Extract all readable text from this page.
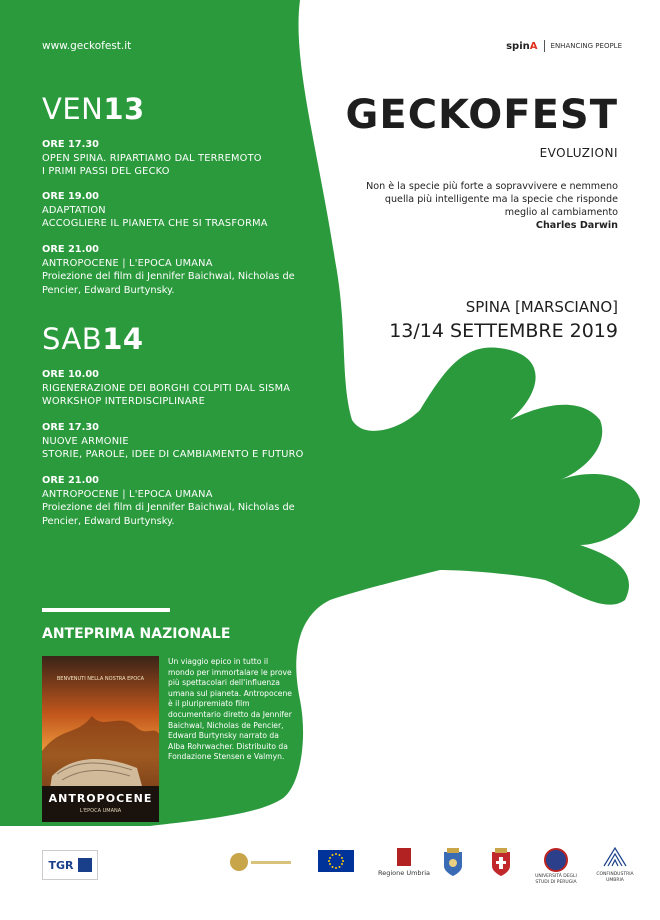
www.geckofest.it	spinA ENHANCING PEOPLE
VEN13
ORE 17.30
OPEN SPINA. RIPARTIAMO DAL TERREMOTO
I PRIMI PASSI DEL GECKO
ORE 19.00
ADAPTATION
ACCOGLIERE IL PIANETA CHE SI TRASFORMA
ORE 21.00
ANTROPOCENE | L'EPOCA UMANA
Proiezione del film di Jennifer Baichwal, Nicholas de Pencier, Edward Burtynsky.
SAB14
ORE 10.00
RIGENERAZIONE DEI BORGHI COLPITI DAL SISMA
WORKSHOP INTERDISCIPLINARE
ORE 17.30
NUOVE ARMONIE
STORIE, PAROLE, IDEE DI CAMBIAMENTO E FUTURO
ORE 21.00
ANTROPOCENE | L'EPOCA UMANA
Proiezione del film di Jennifer Baichwal, Nicholas de Pencier, Edward Burtynsky.
GECKOFEST
EVOLUZIONI
Non è la specie più forte a sopravvivere e nemmeno quella più intelligente ma la specie che risponde meglio al cambiamento
Charles Darwin
SPINA [MARSCIANO]
13/14 SETTEMBRE 2019
ANTEPRIMA NAZIONALE
BENVENUTI NELLA NOSTRA EPOCA
ANTROPOCENE
L'EPOCA UMANA
Un viaggio epico in tutto il mondo per immortalare le prove più spettacolari dell'influenza umana sul pianeta. Antropocene è il pluripremiato film documentario diretto da Jennifer Baichwal, Nicholas de Pencier, Edward Burtynsky narrato da Alba Rohrwacher. Distribuito da Fondazione Stensen e Valmyn.
TGR
ADAPTATION
PEFC
Regione Umbria	UNIVERSITÀ DEGLI STUDI DI PERUGIA
CONFINDUSTRIA UMBRIA
